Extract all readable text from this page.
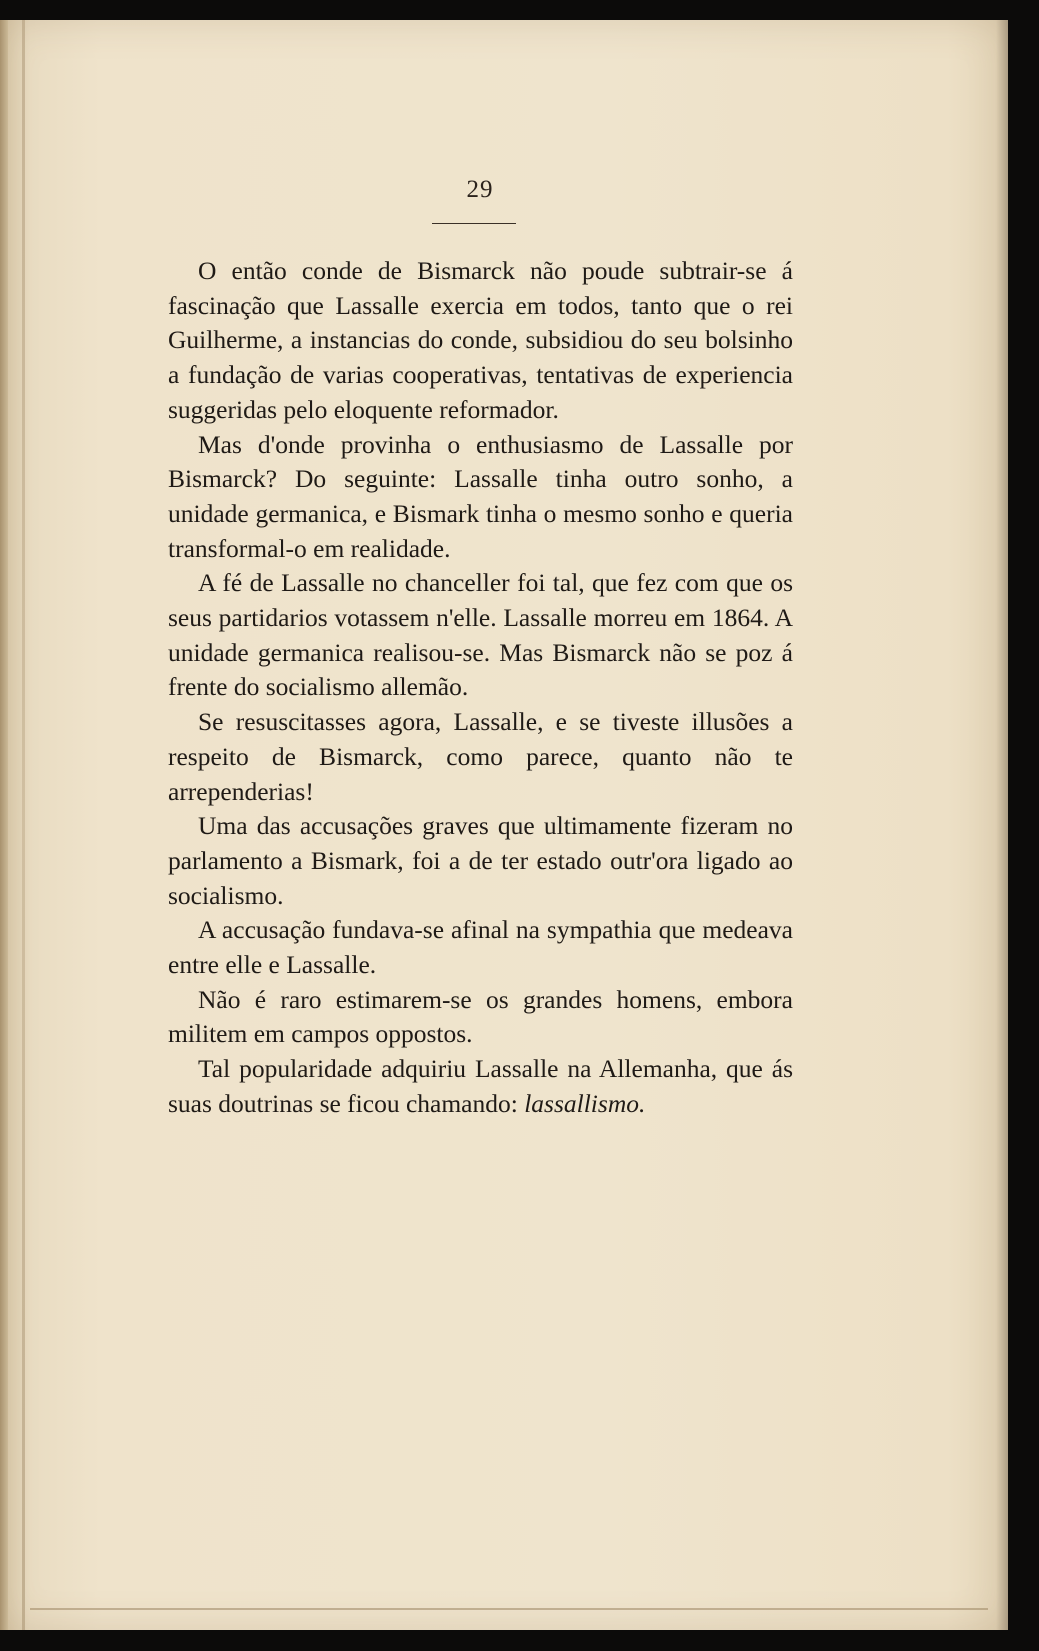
29

O então conde de Bismarck não poude subtrair-se á fascinação que Lassalle exercia em todos, tanto que o rei Guilherme, a instancias do conde, subsidiou do seu bolsinho a fundação de varias cooperativas, tentativas de experiencia suggeridas pelo eloquente reformador.

Mas d'onde provinha o enthusiasmo de Lassalle por Bismarck? Do seguinte: Lassalle tinha outro sonho, a unidade germanica, e Bismark tinha o mesmo sonho e queria transformal-o em realidade.

A fé de Lassalle no chanceller foi tal, que fez com que os seus partidarios votassem n'elle. Lassalle morreu em 1864. A unidade germanica realisou-se. Mas Bismarck não se poz á frente do socialismo allemão.

Se resuscitasses agora, Lassalle, e se tiveste illusões a respeito de Bismarck, como parece, quanto não te arrependerias!

Uma das accusações graves que ultimamente fizeram no parlamento a Bismark, foi a de ter estado outr'ora ligado ao socialismo.

A accusação fundava-se afinal na sympathia que medeava entre elle e Lassalle.

Não é raro estimarem-se os grandes homens, embora militem em campos oppostos.

Tal popularidade adquiriu Lassalle na Allemanha, que ás suas doutrinas se ficou chamando: lassallismo.
